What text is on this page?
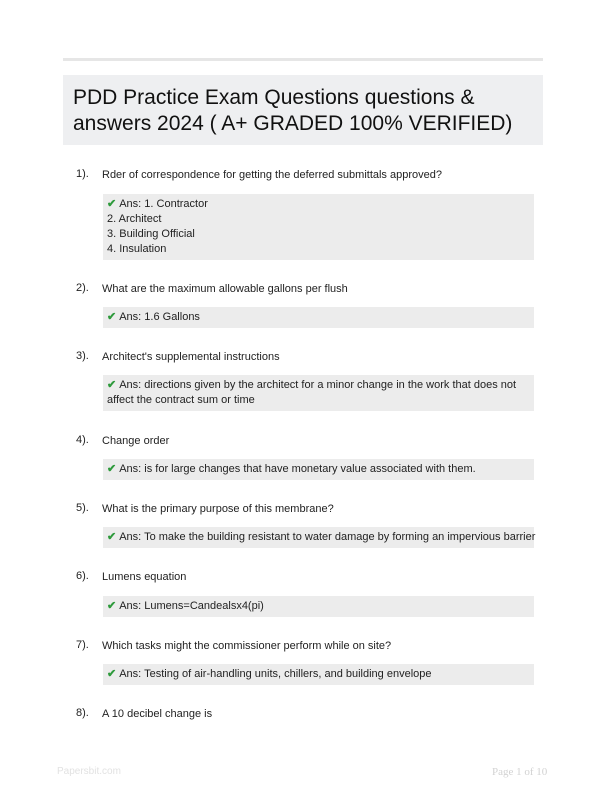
PDD Practice Exam Questions questions &
answers 2024 ( A+ GRADED 100% VERIFIED)
1). Rder of correspondence for getting the deferred submittals approved?
✔ Ans: 1. Contractor
2. Architect
3. Building Official
4. Insulation
2). What are the maximum allowable gallons per flush
✔ Ans: 1.6 Gallons
3). Architect's supplemental instructions
✔ Ans: directions given by the architect for a minor change in the work that does not
affect the contract sum or time
4). Change order
✔ Ans: is for large changes that have monetary value associated with them.
5). What is the primary purpose of this membrane?
✔ Ans: To make the building resistant to water damage by forming an impervious barrier
6). Lumens equation
✔ Ans: Lumens=Candealsx4(pi)
7). Which tasks might the commissioner perform while on site?
✔ Ans: Testing of air-handling units, chillers, and building envelope
8). A 10 decibel change is
Papersbit.com	Page 1 of 10
